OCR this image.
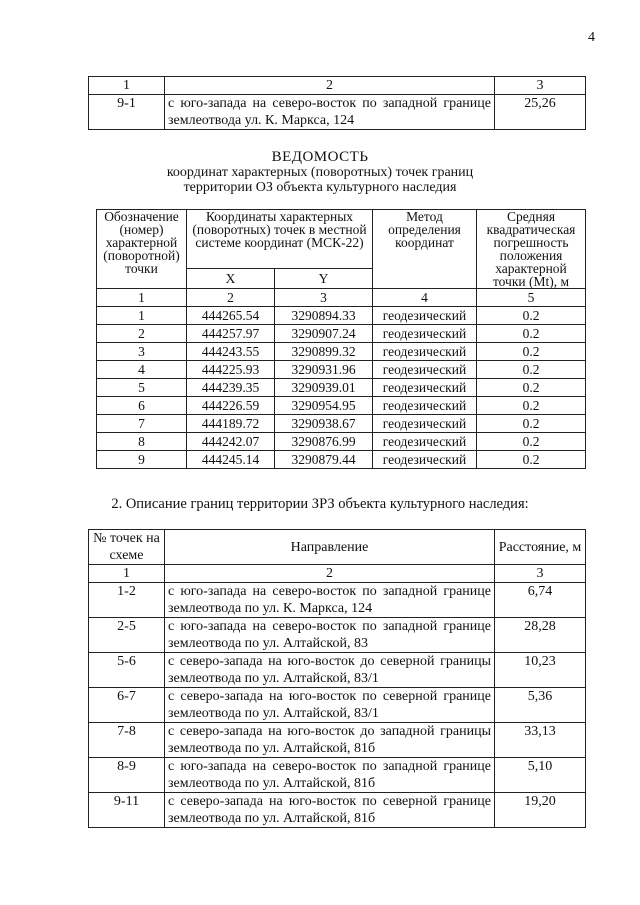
4
1	2	3
9-1	с юго-запада на северо-восток по западной границе землеотвода ул. К. Маркса, 124	25,26
ВЕДОМОСТЬ
координат характерных (поворотных) точек границ
территории ОЗ объекта культурного наследия
Обозначение (номер) характерной (поворотной) точки	Координаты характерных (поворотных) точек в местной системе координат (МСК-22)		Метод определения координат	Средняя квадратическая погрешность положения характерной точки (Mt), м
	X	Y		
1	2	3	4	5
1	444265.54	3290894.33	геодезический	0.2
2	444257.97	3290907.24	геодезический	0.2
3	444243.55	3290899.32	геодезический	0.2
4	444225.93	3290931.96	геодезический	0.2
5	444239.35	3290939.01	геодезический	0.2
6	444226.59	3290954.95	геодезический	0.2
7	444189.72	3290938.67	геодезический	0.2
8	444242.07	3290876.99	геодезический	0.2
9	444245.14	3290879.44	геодезический	0.2
2. Описание границ территории ЗРЗ объекта культурного наследия:
№ точек на схеме	Направление	Расстояние, м
1	2	3
1-2	с юго-запада на северо-восток по западной границе землеотвода по ул. К. Маркса, 124	6,74
2-5	с юго-запада на северо-восток по западной границе землеотвода по ул. Алтайской, 83	28,28
5-6	с северо-запада на юго-восток до северной границы землеотвода по ул. Алтайской, 83/1	10,23
6-7	с северо-запада на юго-восток по северной границе землеотвода по ул. Алтайской, 83/1	5,36
7-8	с северо-запада на юго-восток до западной границы землеотвода по ул. Алтайской, 81б	33,13
8-9	с юго-запада на северо-восток по западной границе землеотвода по ул. Алтайской, 81б	5,10
9-11	с северо-запада на юго-восток по северной границе землеотвода по ул. Алтайской, 81б	19,20
